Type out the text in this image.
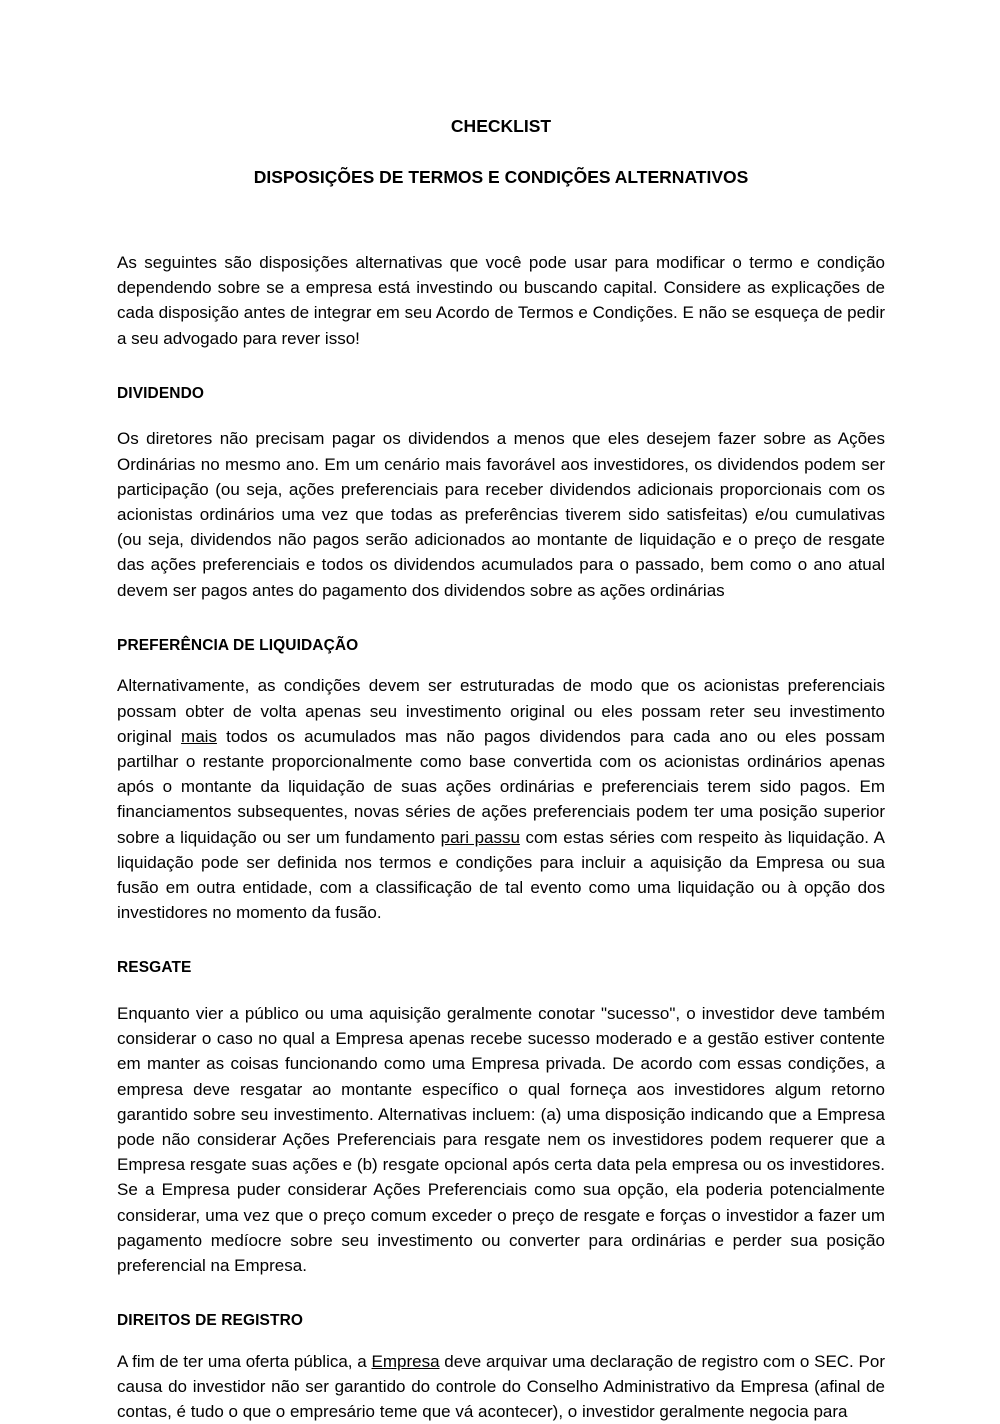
CHECKLIST
DISPOSIÇÕES DE TERMOS E CONDIÇÕES ALTERNATIVOS

As seguintes são disposições alternativas que você pode usar para modificar o termo e condição dependendo sobre se a empresa está investindo ou buscando capital. Considere as explicações de cada disposição antes de integrar em seu Acordo de Termos e Condições. E não se esqueça de pedir a seu advogado para rever isso!

DIVIDENDO

Os diretores não precisam pagar os dividendos a menos que eles desejem fazer sobre as Ações Ordinárias no mesmo ano. Em um cenário mais favorável aos investidores, os dividendos podem ser participação (ou seja, ações preferenciais para receber dividendos adicionais proporcionais com os acionistas ordinários uma vez que todas as preferências tiverem sido satisfeitas) e/ou cumulativas (ou seja, dividendos não pagos serão adicionados ao montante de liquidação e o preço de resgate das ações preferenciais e todos os dividendos acumulados para o passado, bem como o ano atual devem ser pagos antes do pagamento dos dividendos sobre as ações ordinárias

PREFERÊNCIA DE LIQUIDAÇÃO

Alternativamente, as condições devem ser estruturadas de modo que os acionistas preferenciais possam obter de volta apenas seu investimento original ou eles possam reter seu investimento original mais todos os acumulados mas não pagos dividendos para cada ano ou eles possam partilhar o restante proporcionalmente como base convertida com os acionistas ordinários apenas após o montante da liquidação de suas ações ordinárias e preferenciais terem sido pagos. Em financiamentos subsequentes, novas séries de ações preferenciais podem ter uma posição superior sobre a liquidação ou ser um fundamento pari passu com estas séries com respeito às liquidação. A liquidação pode ser definida nos termos e condições para incluir a aquisição da Empresa ou sua fusão em outra entidade, com a classificação de tal evento como uma liquidação ou à opção dos investidores no momento da fusão.

RESGATE

Enquanto vier a público ou uma aquisição geralmente conotar "sucesso", o investidor deve também considerar o caso no qual a Empresa apenas recebe sucesso moderado e a gestão estiver contente em manter as coisas funcionando como uma Empresa privada. De acordo com essas condições, a empresa deve resgatar ao montante específico o qual forneça aos investidores algum retorno garantido sobre seu investimento. Alternativas incluem: (a) uma disposição indicando que a Empresa pode não considerar Ações Preferenciais para resgate nem os investidores podem requerer que a Empresa resgate suas ações e (b) resgate opcional após certa data pela empresa ou os investidores. Se a Empresa puder considerar Ações Preferenciais como sua opção, ela poderia potencialmente considerar, uma vez que o preço comum exceder o preço de resgate e forças o investidor a fazer um pagamento medíocre sobre seu investimento ou converter para ordinárias e perder sua posição preferencial na Empresa.

DIREITOS DE REGISTRO

A fim de ter uma oferta pública, a Empresa deve arquivar uma declaração de registro com o SEC. Por causa do investidor não ser garantido do controle do Conselho Administrativo da Empresa (afinal de contas, é tudo o que o empresário teme que vá acontecer), o investidor geralmente negocia para
